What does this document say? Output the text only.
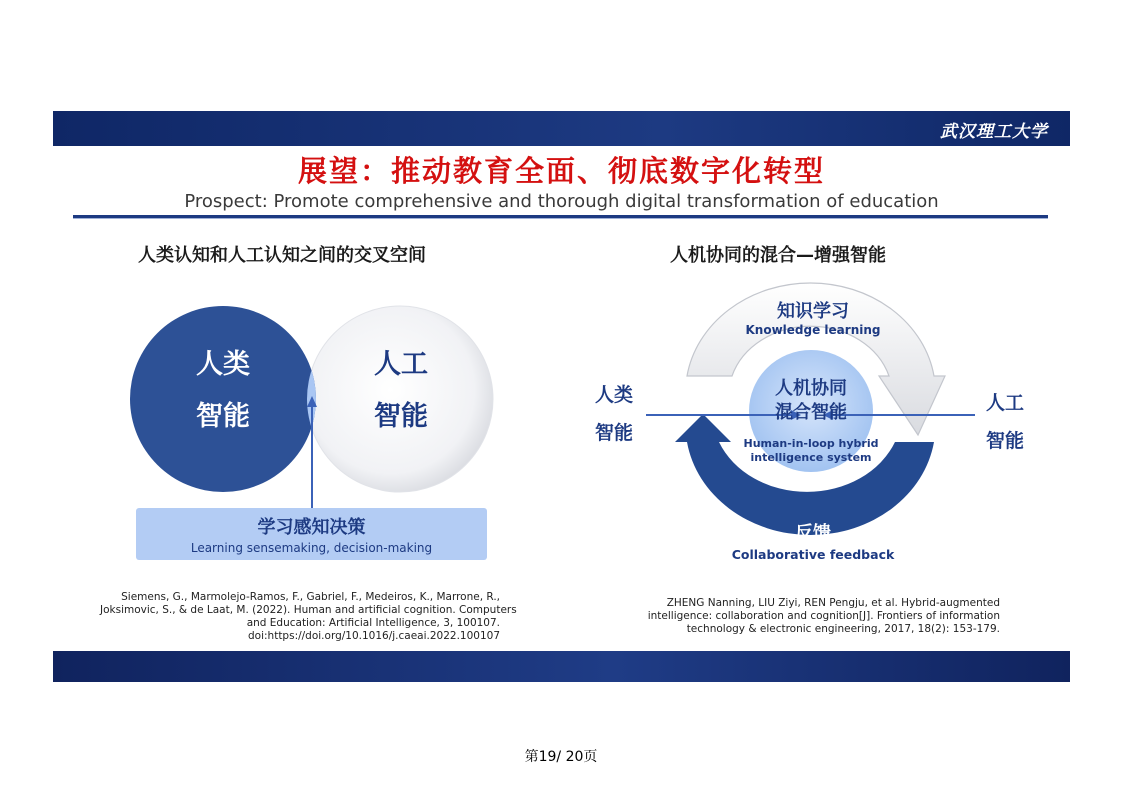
武汉理工大学
展望：推动教育全面、彻底数字化转型
Prospect: Promote comprehensive and thorough digital transformation of education
人类认知和人工认知之间的交叉空间
人类
智能
人工
智能
学习感知决策
Learning sensemaking, decision-making
Siemens, G., Marmolejo-Ramos, F., Gabriel, F., Medeiros, K., Marrone, R.,
Joksimovic, S., & de Laat, M. (2022). Human and artificial cognition. Computers
and Education: Artificial Intelligence, 3, 100107.
doi:https://doi.org/10.1016/j.caeai.2022.100107
人机协同的混合—增强智能
知识学习
Knowledge learning
人机协同
混合智能
Human-in-loop hybrid
intelligence system
反馈
Collaborative feedback
人类
智能
人工
智能
ZHENG Nanning, LIU Ziyi, REN Pengju, et al. Hybrid-augmented
intelligence: collaboration and cognition[J]. Frontiers of information
technology & electronic engineering, 2017, 18(2): 153-179.
第19/ 20页
